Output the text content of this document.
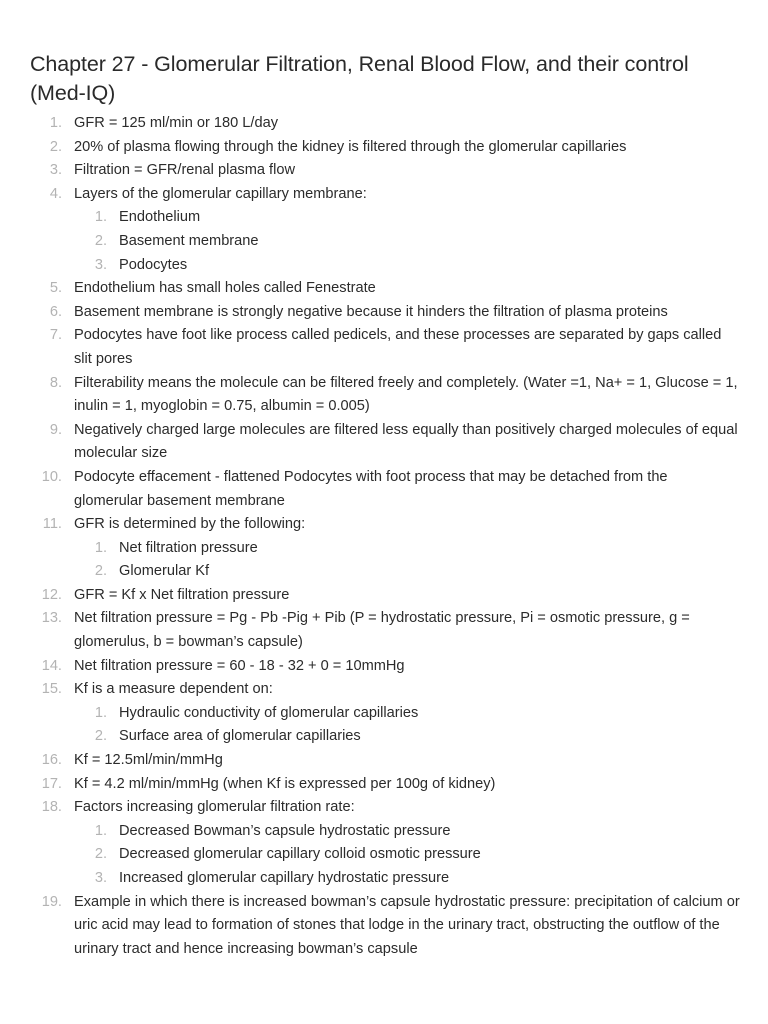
Chapter 27 - Glomerular Filtration, Renal Blood Flow, and their control (Med-IQ)
1. GFR = 125 ml/min or 180 L/day
2. 20% of plasma flowing through the kidney is filtered through the glomerular capillaries
3. Filtration = GFR/renal plasma flow
4. Layers of the glomerular capillary membrane:
1. Endothelium
2. Basement membrane
3. Podocytes
5. Endothelium has small holes called Fenestrate
6. Basement membrane is strongly negative because it hinders the filtration of plasma proteins
7. Podocytes have foot like process called pedicels, and these processes are separated by gaps called slit pores
8. Filterability means the molecule can be filtered freely and completely. (Water =1, Na+ = 1, Glucose = 1, inulin = 1, myoglobin = 0.75, albumin = 0.005)
9. Negatively charged large molecules are filtered less equally than positively charged molecules of equal molecular size
10. Podocyte effacement - flattened Podocytes with foot process that may be detached from the glomerular basement membrane
11. GFR is determined by the following:
1. Net filtration pressure
2. Glomerular Kf
12. GFR = Kf x Net filtration pressure
13. Net filtration pressure = Pg - Pb -Pig + Pib (P = hydrostatic pressure, Pi = osmotic pressure, g = glomerulus, b = bowman’s capsule)
14. Net filtration pressure = 60 - 18 - 32 + 0 = 10mmHg
15. Kf is a measure dependent on:
1. Hydraulic conductivity of glomerular capillaries
2. Surface area of glomerular capillaries
16. Kf = 12.5ml/min/mmHg
17. Kf = 4.2 ml/min/mmHg (when Kf is expressed per 100g of kidney)
18. Factors increasing glomerular filtration rate:
1. Decreased Bowman’s capsule hydrostatic pressure
2. Decreased glomerular capillary colloid osmotic pressure
3. Increased glomerular capillary hydrostatic pressure
19. Example in which there is increased bowman’s capsule hydrostatic pressure: precipitation of calcium or uric acid may lead to formation of stones that lodge in the urinary tract, obstructing the outflow of the urinary tract and hence increasing bowman’s capsule
